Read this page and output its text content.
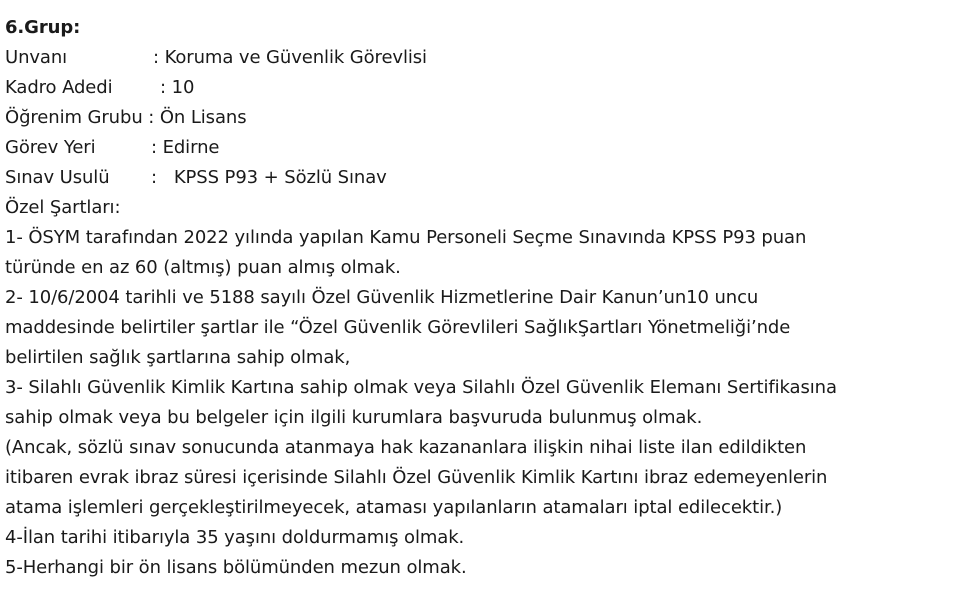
6.Grup:
Unvanı	: Koruma ve Güvenlik Görevlisi
Kadro Adedi	: 10
Öğrenim Grubu : Ön Lisans
Görev Yeri	: Edirne
Sınav Usulü	:   KPSS P93 + Sözlü Sınav
Özel Şartları:
1- ÖSYM tarafından 2022 yılında yapılan Kamu Personeli Seçme Sınavında KPSS P93 puan
türünde en az 60 (altmış) puan almış olmak.
2- 10/6/2004 tarihli ve 5188 sayılı Özel Güvenlik Hizmetlerine Dair Kanun’un10 uncu
maddesinde belirtiler şartlar ile “Özel Güvenlik Görevlileri SağlıkŞartları Yönetmeliği’nde
belirtilen sağlık şartlarına sahip olmak,
3- Silahlı Güvenlik Kimlik Kartına sahip olmak veya Silahlı Özel Güvenlik Elemanı Sertifikasına
sahip olmak veya bu belgeler için ilgili kurumlara başvuruda bulunmuş olmak.
(Ancak, sözlü sınav sonucunda atanmaya hak kazananlara ilişkin nihai liste ilan edildikten
itibaren evrak ibraz süresi içerisinde Silahlı Özel Güvenlik Kimlik Kartını ibraz edemeyenlerin
atama işlemleri gerçekleştirilmeyecek, ataması yapılanların atamaları iptal edilecektir.)
4-İlan tarihi itibarıyla 35 yaşını doldurmamış olmak.
5-Herhangi bir ön lisans bölümünden mezun olmak.
